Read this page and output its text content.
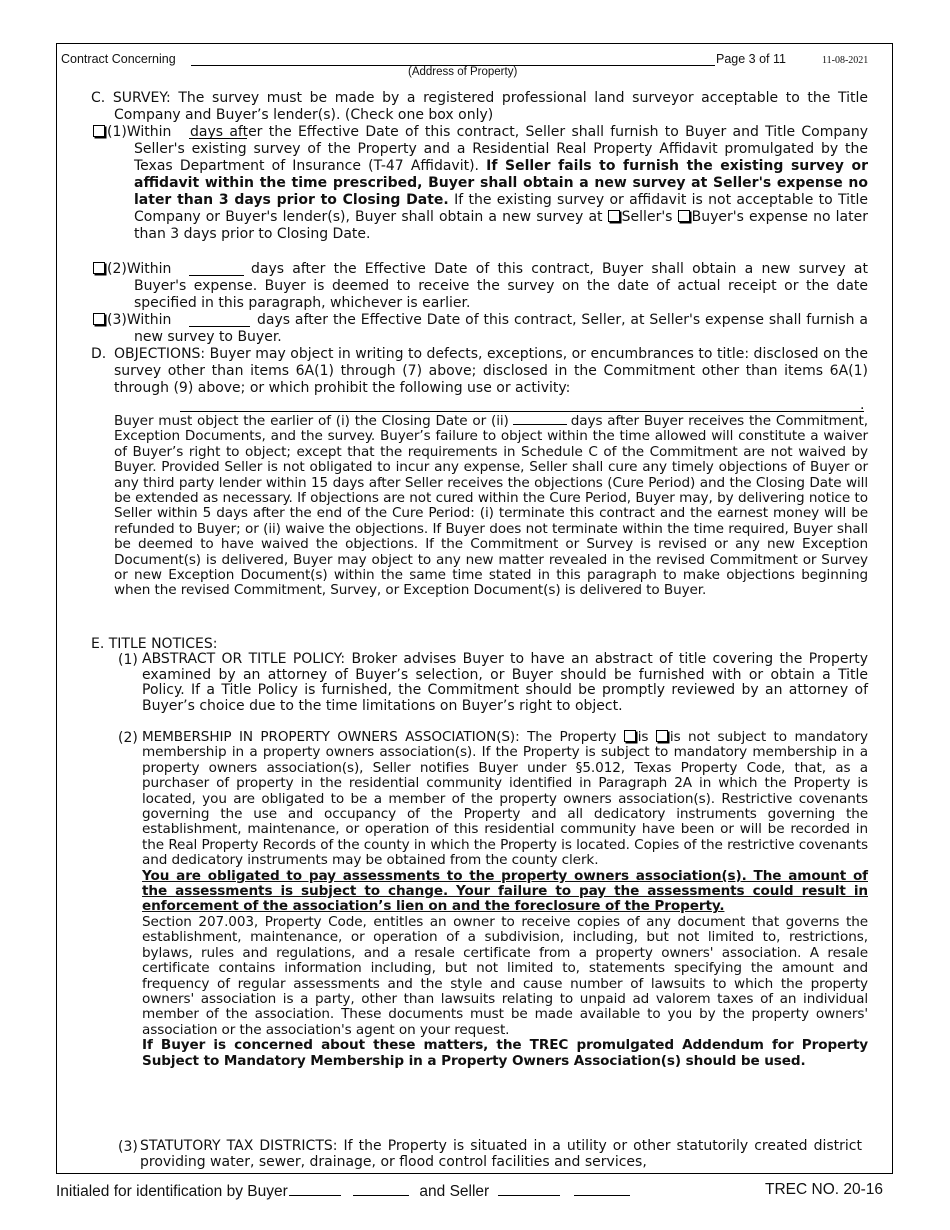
Contract Concerning
(Address of Property)
Page 3 of 11	11-08-2021

C. SURVEY: The survey must be made by a registered professional land surveyor acceptable to the Title Company and Buyer’s lender(s). (Check one box only)

(1)Within	days after the Effective Date of this contract, Seller shall furnish to Buyer and Title Company Seller's existing survey of the Property and a Residential Real Property Affidavit promulgated by the Texas Department of Insurance (T-47 Affidavit). If Seller fails to furnish the existing survey or affidavit within the time prescribed, Buyer shall obtain a new survey at Seller's expense no later than 3 days prior to Closing Date. If the existing survey or affidavit is not acceptable to Title Company or Buyer's lender(s), Buyer shall obtain a new survey at Seller's Buyer's expense no later than 3 days prior to Closing Date.

(2)Within	days after the Effective Date of this contract, Buyer shall obtain a new survey at Buyer's expense. Buyer is deemed to receive the survey on the date of actual receipt or the date specified in this paragraph, whichever is earlier.

(3)Within	days after the Effective Date of this contract, Seller, at Seller's expense shall furnish a new survey to Buyer.

D. OBJECTIONS: Buyer may object in writing to defects, exceptions, or encumbrances to title: disclosed on the survey other than items 6A(1) through (7) above; disclosed in the Commitment other than items 6A(1) through (9) above; or which prohibit the following use or activity:

.

Buyer must object the earlier of (i) the Closing Date or (ii)	days after Buyer receives the Commitment, Exception Documents, and the survey. Buyer’s failure to object within the time allowed will constitute a waiver of Buyer’s right to object; except that the requirements in Schedule C of the Commitment are not waived by Buyer. Provided Seller is not obligated to incur any expense, Seller shall cure any timely objections of Buyer or any third party lender within 15 days after Seller receives the objections (Cure Period) and the Closing Date will be extended as necessary. If objections are not cured within the Cure Period, Buyer may, by delivering notice to Seller within 5 days after the end of the Cure Period: (i) terminate this contract and the earnest money will be refunded to Buyer; or (ii) waive the objections. If Buyer does not terminate within the time required, Buyer shall be deemed to have waived the objections. If the Commitment or Survey is revised or any new Exception Document(s) is delivered, Buyer may object to any new matter revealed in the revised Commitment or Survey or new Exception Document(s) within the same time stated in this paragraph to make objections beginning when the revised Commitment, Survey, or Exception Document(s) is delivered to Buyer.

E. TITLE NOTICES:
(1) ABSTRACT OR TITLE POLICY: Broker advises Buyer to have an abstract of title covering the Property examined by an attorney of Buyer’s selection, or Buyer should be furnished with or obtain a Title Policy. If a Title Policy is furnished, the Commitment should be promptly reviewed by an attorney of Buyer’s choice due to the time limitations on Buyer’s right to object.

(2) MEMBERSHIP IN PROPERTY OWNERS ASSOCIATION(S): The Property is is not subject to mandatory membership in a property owners association(s). If the Property is subject to mandatory membership in a property owners association(s), Seller notifies Buyer under §5.012, Texas Property Code, that, as a purchaser of property in the residential community identified in Paragraph 2A in which the Property is located, you are obligated to be a member of the property owners association(s). Restrictive covenants governing the use and occupancy of the Property and all dedicatory instruments governing the establishment, maintenance, or operation of this residential community have been or will be recorded in the Real Property Records of the county in which the Property is located. Copies of the restrictive covenants and dedicatory instruments may be obtained from the county clerk.
You are obligated to pay assessments to the property owners association(s). The amount of the assessments is subject to change. Your failure to pay the assessments could result in enforcement of the association’s lien on and the foreclosure of the Property.
Section 207.003, Property Code, entitles an owner to receive copies of any document that governs the establishment, maintenance, or operation of a subdivision, including, but not limited to, restrictions, bylaws, rules and regulations, and a resale certificate from a property owners' association. A resale certificate contains information including, but not limited to, statements specifying the amount and frequency of regular assessments and the style and cause number of lawsuits to which the property owners' association is a party, other than lawsuits relating to unpaid ad valorem taxes of an individual member of the association. These documents must be made available to you by the property owners' association or the association's agent on your request.
If Buyer is concerned about these matters, the TREC promulgated Addendum for Property Subject to Mandatory Membership in a Property Owners Association(s) should be used.

(3) STATUTORY TAX DISTRICTS: If the Property is situated in a utility or other statutorily created district providing water, sewer, drainage, or flood control facilities and services,

Initialed for identification by Buyer	and Seller	TREC NO. 20-16
